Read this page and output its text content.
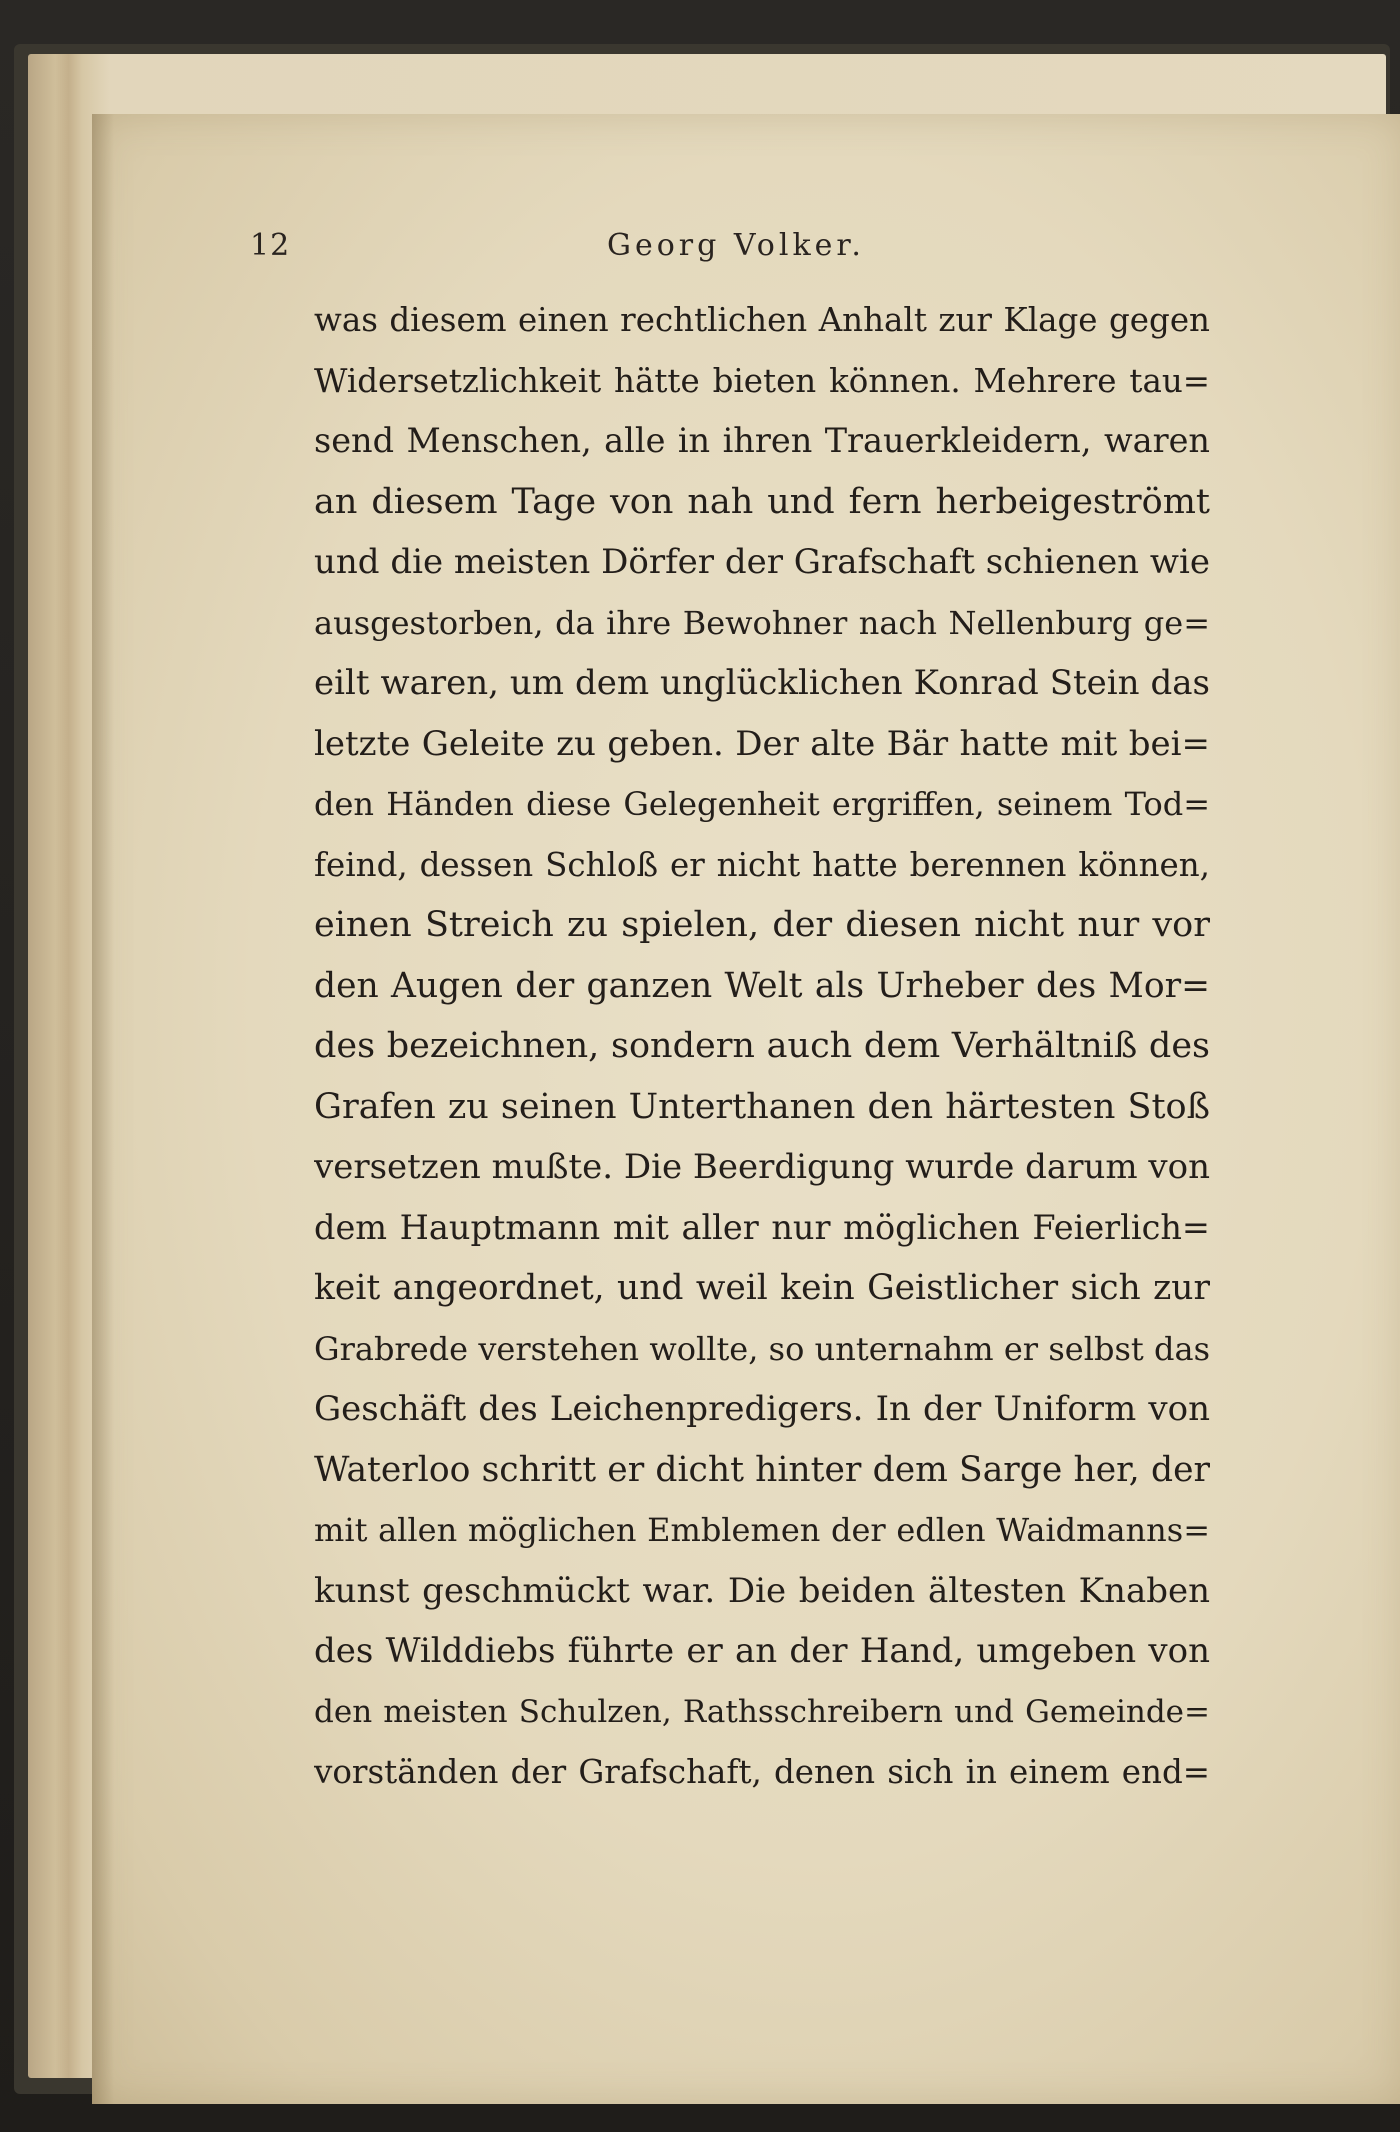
12	Georg Volker.
was diesem einen rechtlichen Anhalt zur Klage gegen
Widersetzlichkeit hätte bieten können. Mehrere tau=
send Menschen, alle in ihren Trauerkleidern, waren
an diesem Tage von nah und fern herbeigeströmt
und die meisten Dörfer der Grafschaft schienen wie
ausgestorben, da ihre Bewohner nach Nellenburg ge=
eilt waren, um dem unglücklichen Konrad Stein das
letzte Geleite zu geben. Der alte Bär hatte mit bei=
den Händen diese Gelegenheit ergriffen, seinem Tod=
feind, dessen Schloß er nicht hatte berennen können,
einen Streich zu spielen, der diesen nicht nur vor
den Augen der ganzen Welt als Urheber des Mor=
des bezeichnen, sondern auch dem Verhältniß des
Grafen zu seinen Unterthanen den härtesten Stoß
versetzen mußte. Die Beerdigung wurde darum von
dem Hauptmann mit aller nur möglichen Feierlich=
keit angeordnet, und weil kein Geistlicher sich zur
Grabrede verstehen wollte, so unternahm er selbst das
Geschäft des Leichenpredigers. In der Uniform von
Waterloo schritt er dicht hinter dem Sarge her, der
mit allen möglichen Emblemen der edlen Waidmanns=
kunst geschmückt war. Die beiden ältesten Knaben
des Wilddiebs führte er an der Hand, umgeben von
den meisten Schulzen, Rathsschreibern und Gemeinde=
vorständen der Grafschaft, denen sich in einem end=
